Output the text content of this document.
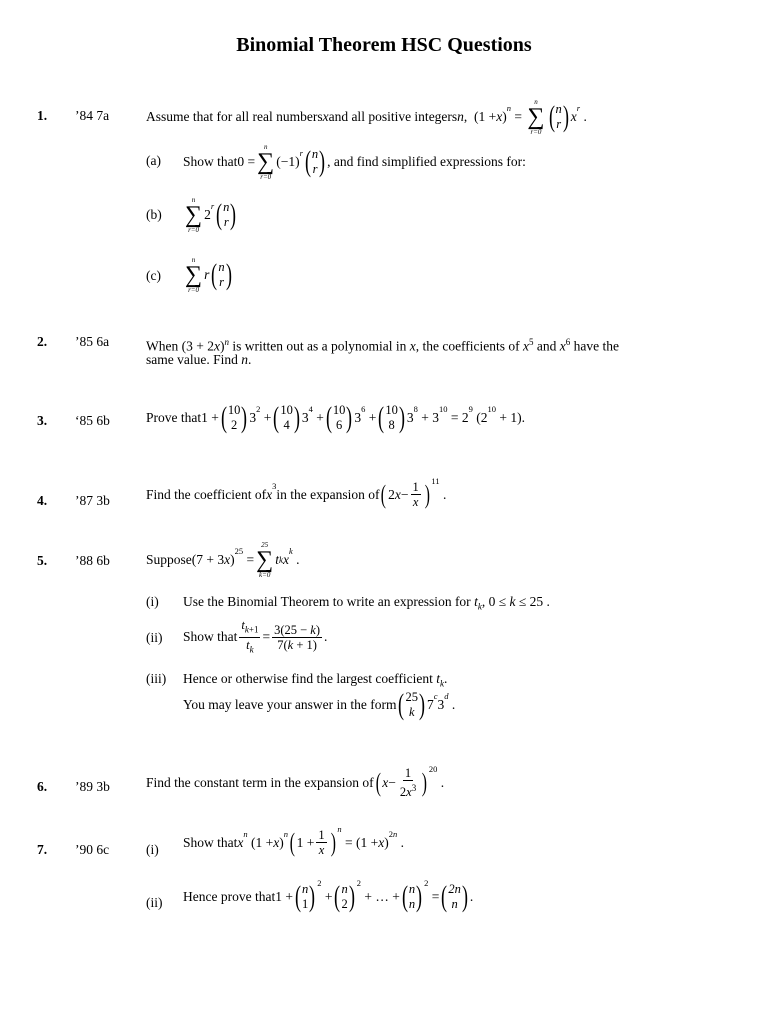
Binomial Theorem HSC Questions
1. ’84 7a	Assume that for all real numbers x and all positive integers n , (1 + x )
n
=
n
∑
r=0 ( n
r ) x
r
.
(a) Show that 0 =
n
∑
r=0
(−1)
r ( n
r ) , and find simplified expressions for:
(b)
n
∑
r=0
2
r ( n
r )
(c)
n
∑
r=0
r ( n
r )
2. ’85 6a	When $(3 + 2x)^n$ is written out as a polynomial in x, the coefficients of $x^5$ and $x^6$ have the
same value. Find n.
3. ‘85 6b	Prove that 1 + ( 10
2 ) 3
2
+ ( 10
4 ) 3
4
+ ( 10
6 ) 3
6
+ ( 10
8 ) 3
8
+ 3
10
= 2
9
(2
10
+ 1).
4. ’87 3b	Find the coefficient of x
3
in the expansion of ( 2 $x - \frac{1}{x}$ ) 11
.
5. ’88 6b	Suppose (7 + 3 x )
25
=
25
∑
k=0
t k x
k
.
(i) Use the Binomial Theorem to write an expression for $t_k$, 0 ≤ k ≤ 25 .
(ii) Show that $\frac{t_{k+1}}{t_k} = \frac{3(25 - k)}{7(k + 1)}$ .
(iii) Hence or otherwise find the largest coefficient $t_k$.
You may leave your answer in the form ( 25
k ) 7
c
3
d
.
6. ’89 3b	Find the constant term in the expansion of ( $x - \frac{1}{2x^3}$ ) 20
.
7. ’90 6c	(i) Show that x
n
(1 + x )
n ( $1 + \frac{1}{x}$ ) n
= (1 + x )
2n
.
(ii) Hence prove that 1 + ( n
1 ) 2
+ ( n
2 ) 2
+ … + ( n
n ) 2
= ( 2n
n ) .
